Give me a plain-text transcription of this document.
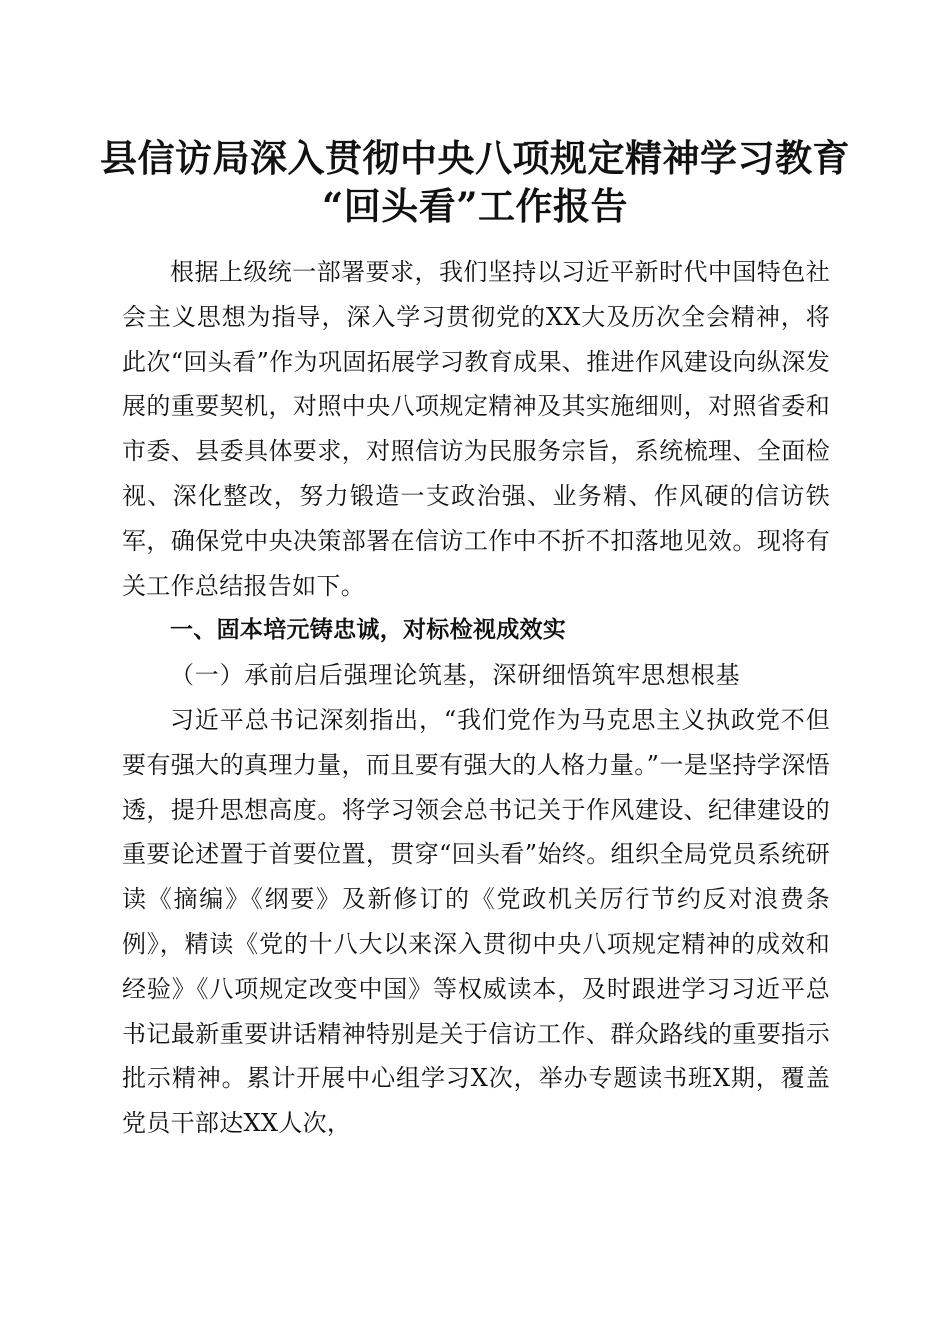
县信访局深入贯彻中央八项规定精神学习教育
“回头看”工作报告

根据上级统一部署要求，我们坚持以习近平新时代中国特色社会主义思想为指导，深入学习贯彻党的XX大及历次全会精神，将此次“回头看”作为巩固拓展学习教育成果、推进作风建设向纵深发展的重要契机，对照中央八项规定精神及其实施细则，对照省委和市委、县委具体要求，对照信访为民服务宗旨，系统梳理、全面检视、深化整改，努力锻造一支政治强、业务精、作风硬的信访铁军，确保党中央决策部署在信访工作中不折不扣落地见效。现将有关工作总结报告如下。

一、固本培元铸忠诚，对标检视成效实

（一）承前启后强理论筑基，深研细悟筑牢思想根基

习近平总书记深刻指出，“我们党作为马克思主义执政党不但要有强大的真理力量，而且要有强大的人格力量。”一是坚持学深悟透，提升思想高度。将学习领会总书记关于作风建设、纪律建设的重要论述置于首要位置，贯穿“回头看”始终。组织全局党员系统研读《摘编》《纲要》及新修订的《党政机关厉行节约反对浪费条例》，精读《党的十八大以来深入贯彻中央八项规定精神的成效和经验》《八项规定改变中国》等权威读本，及时跟进学习习近平总书记最新重要讲话精神特别是关于信访工作、群众路线的重要指示批示精神。累计开展中心组学习X次，举办专题读书班X期，覆盖党员干部达XX人次，
